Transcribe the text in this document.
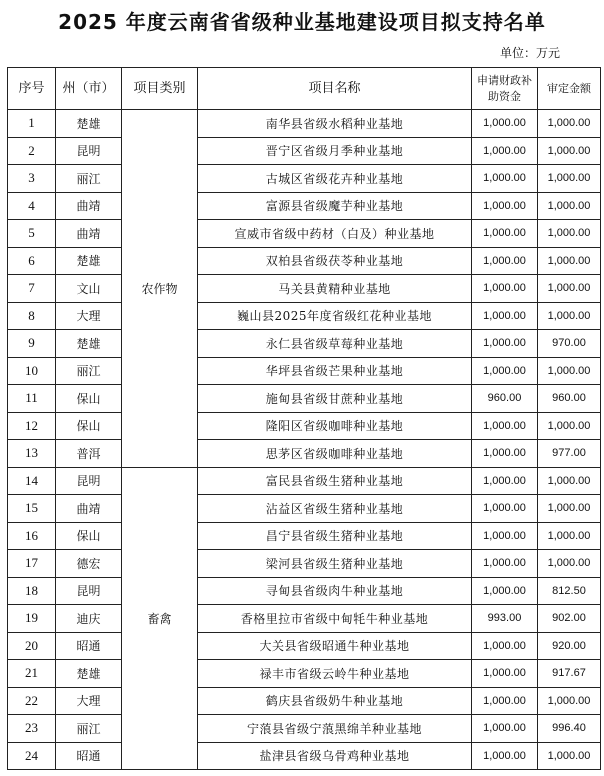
2025 年度云南省省级种业基地建设项目拟支持名单
单位：万元
序号	州（市）	项目类别	项目名称	申请财政补助资金	审定金额
1	楚雄	农作物	南华县省级水稻种业基地	1,000.00	1,000.00
2	昆明		晋宁区省级月季种业基地	1,000.00	1,000.00
3	丽江		古城区省级花卉种业基地	1,000.00	1,000.00
4	曲靖		富源县省级魔芋种业基地	1,000.00	1,000.00
5	曲靖		宣威市省级中药材（白及）种业基地	1,000.00	1,000.00
6	楚雄		双柏县省级茯苓种业基地	1,000.00	1,000.00
7	文山		马关县黄精种业基地	1,000.00	1,000.00
8	大理		巍山县2025年度省级红花种业基地	1,000.00	1,000.00
9	楚雄		永仁县省级草莓种业基地	1,000.00	970.00
10	丽江		华坪县省级芒果种业基地	1,000.00	1,000.00
11	保山		施甸县省级甘蔗种业基地	960.00	960.00
12	保山		隆阳区省级咖啡种业基地	1,000.00	1,000.00
13	普洱		思茅区省级咖啡种业基地	1,000.00	977.00
14	昆明	畜禽	富民县省级生猪种业基地	1,000.00	1,000.00
15	曲靖		沾益区省级生猪种业基地	1,000.00	1,000.00
16	保山		昌宁县省级生猪种业基地	1,000.00	1,000.00
17	德宏		梁河县省级生猪种业基地	1,000.00	1,000.00
18	昆明		寻甸县省级肉牛种业基地	1,000.00	812.50
19	迪庆		香格里拉市省级中甸牦牛种业基地	993.00	902.00
20	昭通		大关县省级昭通牛种业基地	1,000.00	920.00
21	楚雄		禄丰市省级云岭牛种业基地	1,000.00	917.67
22	大理		鹤庆县省级奶牛种业基地	1,000.00	1,000.00
23	丽江		宁蒗县省级宁蒗黑绵羊种业基地	1,000.00	996.40
24	昭通		盐津县省级乌骨鸡种业基地	1,000.00	1,000.00
